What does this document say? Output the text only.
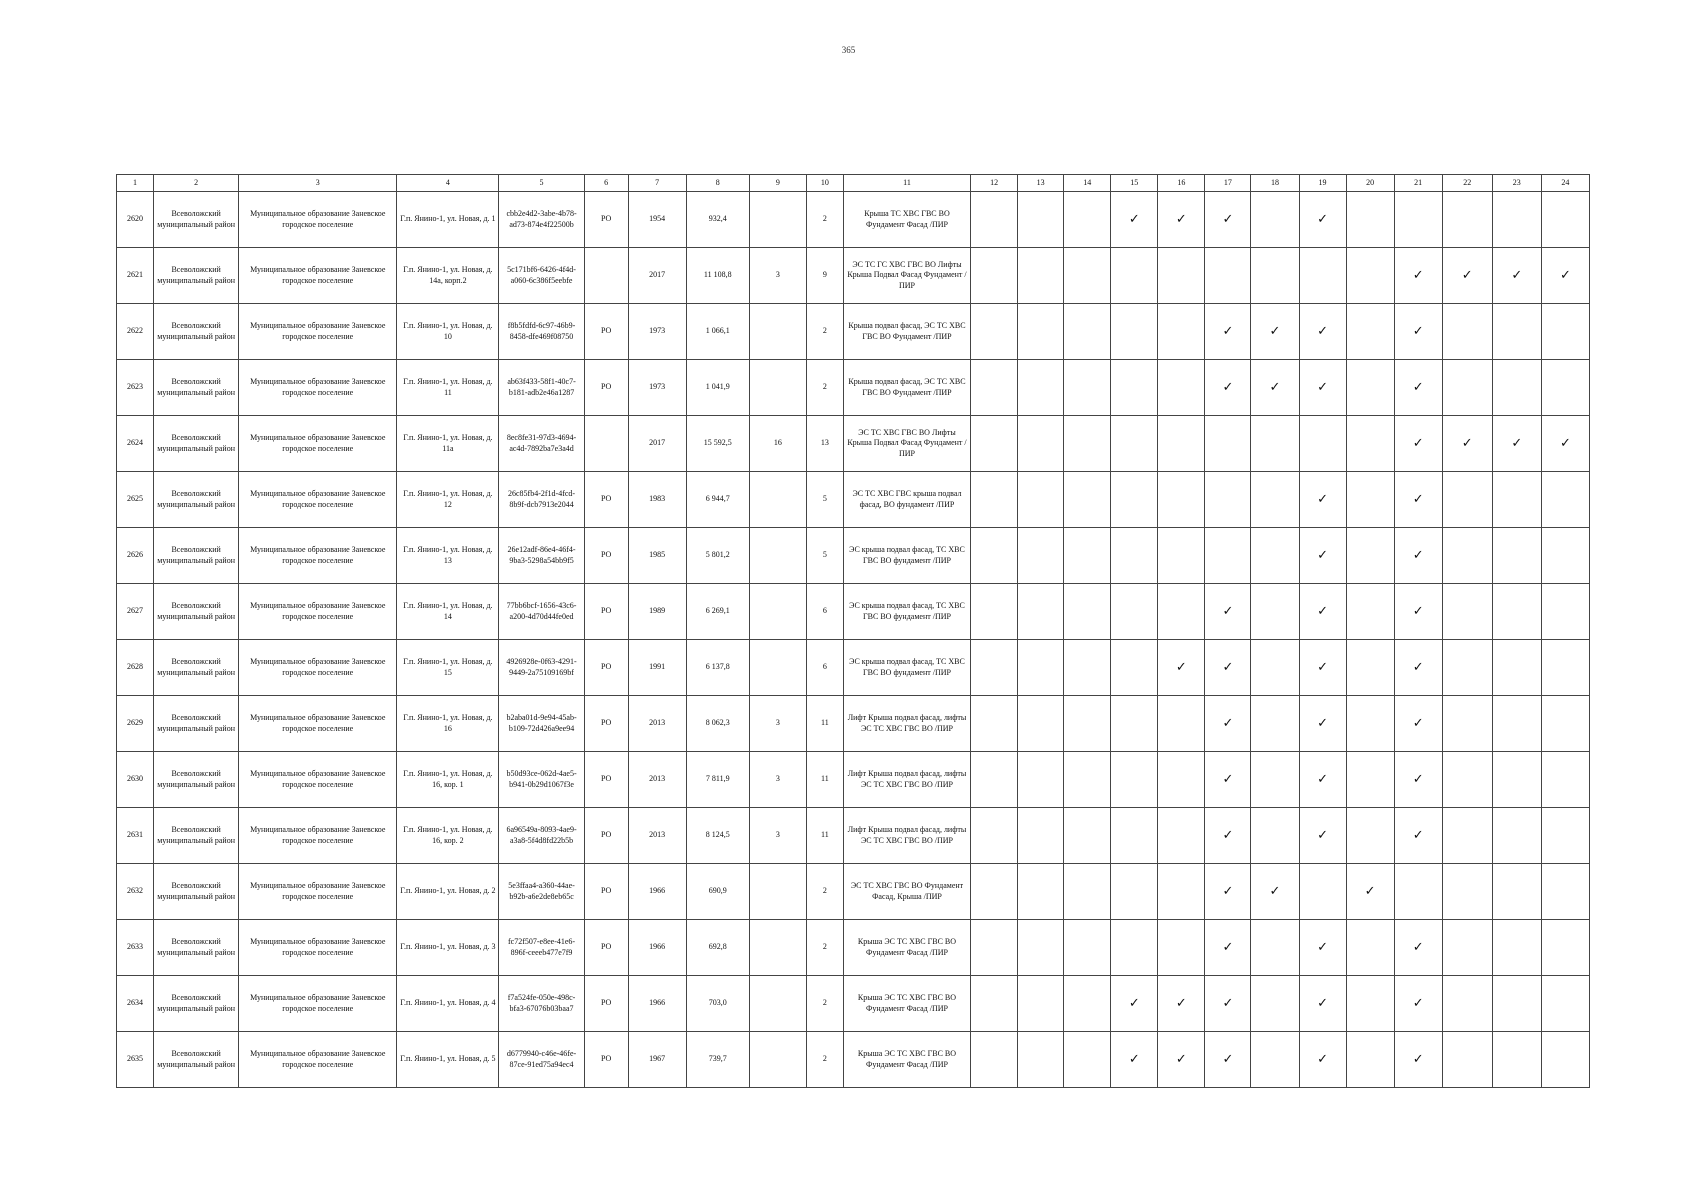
365
1	2	3	4	5	6	7	8	9	10	11	12	13	14	15	16	17	18	19	20	21	22	23	24
2620	Всеволожский муниципальный район	Муниципальное образование Заневское городское поселение	Г.п. Янино-1, ул. Новая, д. 1	cbb2e4d2-3abe-4b78-ad73-874e4f22500b	РО	1954	932,4		2	Крыша ТС ХВС ГВС ВО Фундамент Фасад /ПИР				✓	✓	✓		✓					
2621	Всеволожский муниципальный район	Муниципальное образование Заневское городское поселение	Г.п. Янино-1, ул. Новая, д. 14а, корп.2	5c171bf6-6426-4f4d-a060-6c386f5eebfe		2017	11 108,8	3	9	ЭС ТС ГС ХВС ГВС ВО Лифты Крыша Подвал Фасад Фундамент /ПИР										✓	✓	✓	✓
2622	Всеволожский муниципальный район	Муниципальное образование Заневское городское поселение	Г.п. Янино-1, ул. Новая, д. 10	f8b5fdfd-6c97-46b9-8458-dfe469f08750	РО	1973	1 066,1		2	Крыша подвал фасад, ЭС ТС ХВС ГВС ВО Фундамент /ПИР						✓	✓	✓		✓			
2623	Всеволожский муниципальный район	Муниципальное образование Заневское городское поселение	Г.п. Янино-1, ул. Новая, д. 11	ab63f433-58f1-40c7-b181-adb2e46a1287	РО	1973	1 041,9		2	Крыша подвал фасад, ЭС ТС ХВС ГВС ВО Фундамент /ПИР						✓	✓	✓		✓			
2624	Всеволожский муниципальный район	Муниципальное образование Заневское городское поселение	Г.п. Янино-1, ул. Новая, д. 11а	8ec8fe31-97d3-4694-ac4d-7892ba7e3a4d		2017	15 592,5	16	13	ЭС ТС ХВС ГВС ВО Лифты Крыша Подвал Фасад Фундамент /ПИР										✓	✓	✓	✓
2625	Всеволожский муниципальный район	Муниципальное образование Заневское городское поселение	Г.п. Янино-1, ул. Новая, д. 12	26c85fb4-2f1d-4fcd-8b9f-dcb7913e2044	РО	1983	6 944,7		5	ЭС ТС ХВС ГВС крыша подвал фасад, ВО фундамент /ПИР								✓		✓			
2626	Всеволожский муниципальный район	Муниципальное образование Заневское городское поселение	Г.п. Янино-1, ул. Новая, д. 13	26e12adf-86e4-46f4-9ba3-5298a54bb9f5	РО	1985	5 801,2		5	ЭС крыша подвал фасад, ТС ХВС ГВС ВО фундамент /ПИР								✓		✓			
2627	Всеволожский муниципальный район	Муниципальное образование Заневское городское поселение	Г.п. Янино-1, ул. Новая, д. 14	77bb6bcf-1656-43c6-a200-4d70d44fe0ed	РО	1989	6 269,1		6	ЭС крыша подвал фасад, ТС ХВС ГВС ВО фундамент /ПИР						✓		✓		✓			
2628	Всеволожский муниципальный район	Муниципальное образование Заневское городское поселение	Г.п. Янино-1, ул. Новая, д. 15	4926928e-0f63-4291-9449-2a75109169bf	РО	1991	6 137,8		6	ЭС крыша подвал фасад, ТС ХВС ГВС ВО фундамент /ПИР					✓	✓		✓		✓			
2629	Всеволожский муниципальный район	Муниципальное образование Заневское городское поселение	Г.п. Янино-1, ул. Новая, д. 16	b2aba01d-9e94-45ab-b109-72d426a9ee94	РО	2013	8 062,3	3	11	Лифт Крыша подвал фасад, лифты ЭС ТС ХВС ГВС ВО /ПИР						✓		✓		✓			
2630	Всеволожский муниципальный район	Муниципальное образование Заневское городское поселение	Г.п. Янино-1, ул. Новая, д. 16, кор. 1	b50d93ce-062d-4ae5-b941-0b29d1067f3e	РО	2013	7 811,9	3	11	Лифт Крыша подвал фасад, лифты ЭС ТС ХВС ГВС ВО /ПИР						✓		✓		✓			
2631	Всеволожский муниципальный район	Муниципальное образование Заневское городское поселение	Г.п. Янино-1, ул. Новая, д. 16, кор. 2	6a96549a-8093-4ae9-a3a8-5f4d8fd22b5b	РО	2013	8 124,5	3	11	Лифт Крыша подвал фасад, лифты ЭС ТС ХВС ГВС ВО /ПИР						✓		✓		✓			
2632	Всеволожский муниципальный район	Муниципальное образование Заневское городское поселение	Г.п. Янино-1, ул. Новая, д. 2	5e3ffaa4-a360-44ae-b92b-a6e2de8eb65c	РО	1966	690,9		2	ЭС ТС ХВС ГВС ВО Фундамент Фасад, Крыша /ПИР						✓	✓		✓				
2633	Всеволожский муниципальный район	Муниципальное образование Заневское городское поселение	Г.п. Янино-1, ул. Новая, д. 3	fc72f507-e8ee-41e6-896f-ceeeb477e7f9	РО	1966	692,8		2	Крыша ЭС ТС ХВС ГВС ВО Фундамент Фасад /ПИР						✓		✓		✓			
2634	Всеволожский муниципальный район	Муниципальное образование Заневское городское поселение	Г.п. Янино-1, ул. Новая, д. 4	f7a524fe-050e-498c-bfa3-67076b03baa7	РО	1966	703,0		2	Крыша ЭС ТС ХВС ГВС ВО Фундамент Фасад /ПИР				✓	✓	✓		✓		✓			
2635	Всеволожский муниципальный район	Муниципальное образование Заневское городское поселение	Г.п. Янино-1, ул. Новая, д. 5	d6779940-c46e-46fe-87ce-91ed75a94ec4	РО	1967	739,7		2	Крыша ЭС ТС ХВС ГВС ВО Фундамент Фасад /ПИР				✓	✓	✓		✓		✓			
